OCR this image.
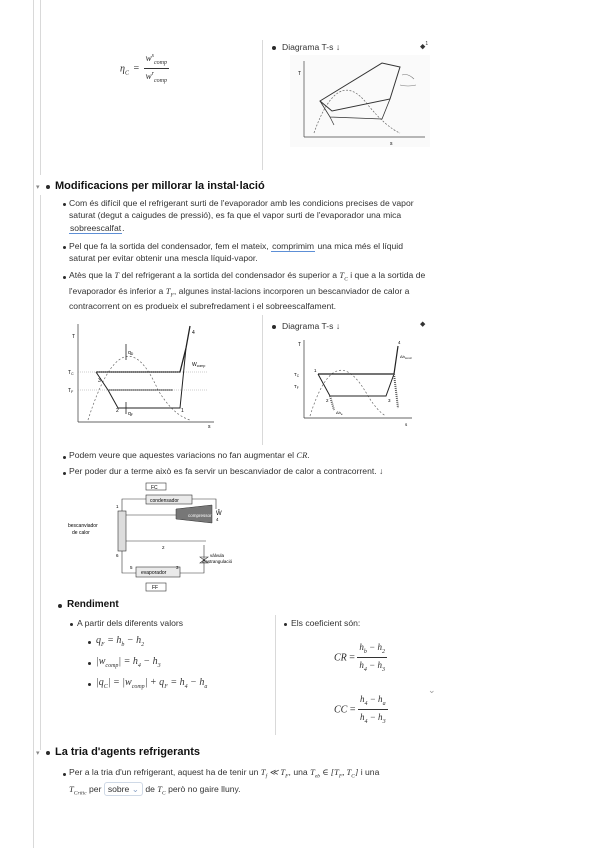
$\eta_C = \frac{w^s_{comp}}{w^r_{comp}}$
Diagrama T-s ↓	◆$^1$
T
s
▾ Modificacions per millorar la instal·lació
Com és difícil que el refrigerant surti de l'evaporador amb les condicions precises de vapor
saturat (degut a caigudes de pressió), es fa que el vapor surti de l'evaporador una mica
sobreescalfat.
Pel que fa la sortida del condensador, fem el mateix, comprimim una mica més el líquid
saturat per evitar obtenir una mescla líquid-vapor.
Atès que la T del refrigerant a la sortida del condensador és superior a $T_C$ i que a la sortida de
l'evaporador és inferior a $T_F$, algunes instal·lacions incorporen un bescanviador de calor a
contracorrent on es produeix el subrefredament i el sobreescalfament.
T
$T_C$
$T_F$
$q_D$
$W_{comp}$
$q_F$
1
2
3
4
s
Diagrama T-s ↓	◆
T
$T_C$
$T_F$
$\Delta h_{cond}$
$\Delta h_e$
1
2	3
4
s
Podem veure que aquestes variacions no fan augmentar el CR.
Per poder dur a terme això es fa servir un bescanviador de calor a contracorrent. ↓
FC
condensador
compressor Ŵ
bescanviador
de calor
evaporador
FF
vàlvula
d'estrangulació
1
2
3
4
5
6
Rendiment
A partir dels diferents valors
$q_F = h_b - h_2$
$|w_{comp}| = h_4 - h_3$
$|q_C| = |w_{comp}| + q_F = h_4 - h_a$
Els coeficient són:
CR = $\frac{h_b - h_2}{h_4 - h_3}$
CC = $\frac{h_4 - h_a}{h_4 - h_3}$
⌄
▾ La tria d'agents refrigerants
Per a la tria d'un refrigerant, aquest ha de tenir un $T_f$ ≪ $T_F$, una $T_{eb}$ ∈ [$T_F$, $T_C$] i una
$T_{Crític}$ per sobre ⌄ de $T_C$ però no gaire lluny.
